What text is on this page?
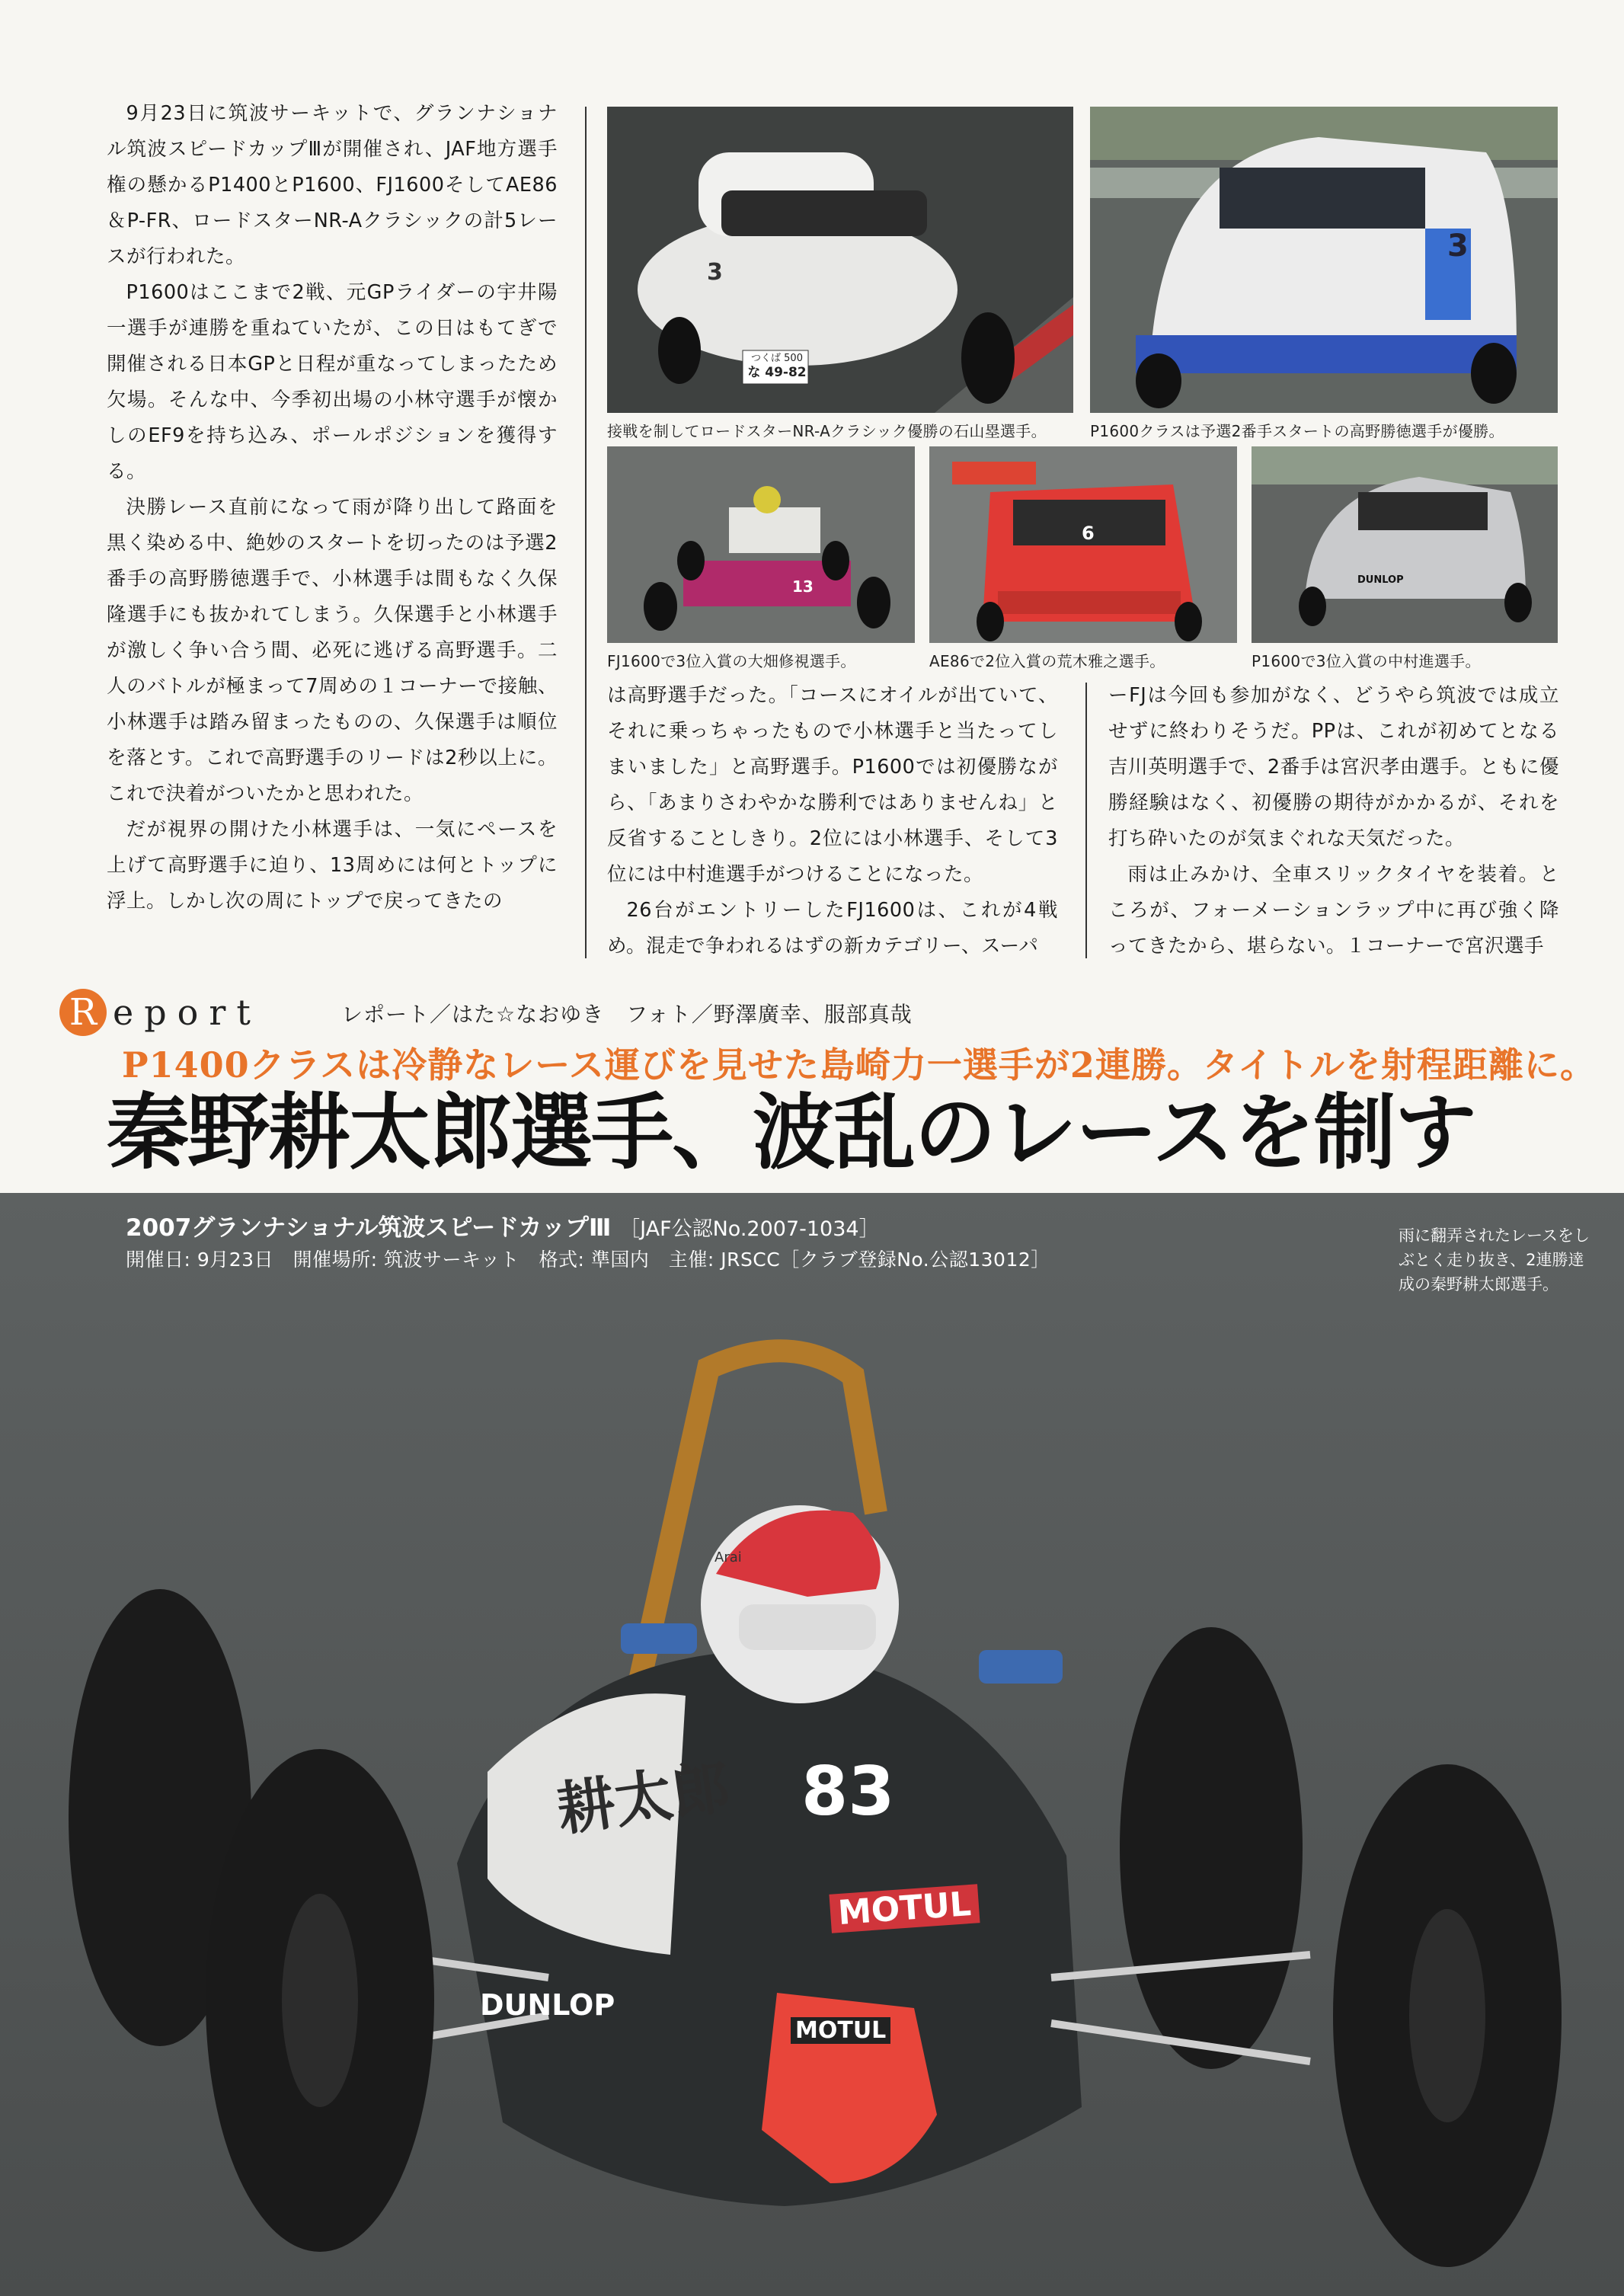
9月23日に筑波サーキットで、グランナショナル筑波スピードカップⅢが開催され、JAF地方選手権の懸かるP1400とP1600、FJ1600そしてAE86＆P-FR、ロードスターNR-Aクラシックの計5レースが行われた。

P1600はここまで2戦、元GPライダーの宇井陽一選手が連勝を重ねていたが、この日はもてぎで開催される日本GPと日程が重なってしまったため欠場。そんな中、今季初出場の小林守選手が懐かしのEF9を持ち込み、ポールポジションを獲得する。

決勝レース直前になって雨が降り出して路面を黒く染める中、絶妙のスタートを切ったのは予選2番手の高野勝徳選手で、小林選手は間もなく久保隆選手にも抜かれてしまう。久保選手と小林選手が激しく争い合う間、必死に逃げる高野選手。二人のバトルが極まって7周めの１コーナーで接触、小林選手は踏み留まったものの、久保選手は順位を落とす。これで高野選手のリードは2秒以上に。これで決着がついたかと思われた。

だが視界の開けた小林選手は、一気にペースを上げて高野選手に迫り、13周めには何とトップに浮上。しかし次の周にトップで戻ってきたの

つくば 500
な 49-82
3
3
接戦を制してロードスターNR-Aクラシック優勝の石山塁選手。	P1600クラスは予選2番手スタートの高野勝徳選手が優勝。
13
6
DUNLOP
FJ1600で3位入賞の大畑修視選手。	AE86で2位入賞の荒木雅之選手。	P1600で3位入賞の中村進選手。

は高野選手だった。「コースにオイルが出ていて、それに乗っちゃったもので小林選手と当たってしまいました」と高野選手。P1600では初優勝ながら、「あまりさわやかな勝利ではありませんね」と反省することしきり。2位には小林選手、そして3位には中村進選手がつけることになった。

26台がエントリーしたFJ1600は、これが4戦め。混走で争われるはずの新カテゴリー、スーパ

ーFJは今回も参加がなく、どうやら筑波では成立せずに終わりそうだ。PPは、これが初めてとなる吉川英明選手で、2番手は宮沢孝由選手。ともに優勝経験はなく、初優勝の期待がかかるが、それを打ち砕いたのが気まぐれな天気だった。

雨は止みかけ、全車スリックタイヤを装着。ところが、フォーメーションラップ中に再び強く降ってきたから、堪らない。１コーナーで宮沢選手

R eport	レポート／はた☆なおゆき　フォト／野澤廣幸、服部真哉
P1400クラスは冷静なレース運びを見せた島崎力一選手が2連勝。タイトルを射程距離に。
秦野耕太郎選手、波乱のレースを制す
83
耕太郎
MOTUL
DUNLOP
MOTUL
Arai
2007グランナショナル筑波スピードカップⅢ ［JAF公認No.2007-1034］
開催日: 9月23日　開催場所: 筑波サーキット　格式: 準国内　主催: JRSCC［クラブ登録No.公認13012］
雨に翻弄されたレースをしぶとく走り抜き、2連勝達成の秦野耕太郎選手。
